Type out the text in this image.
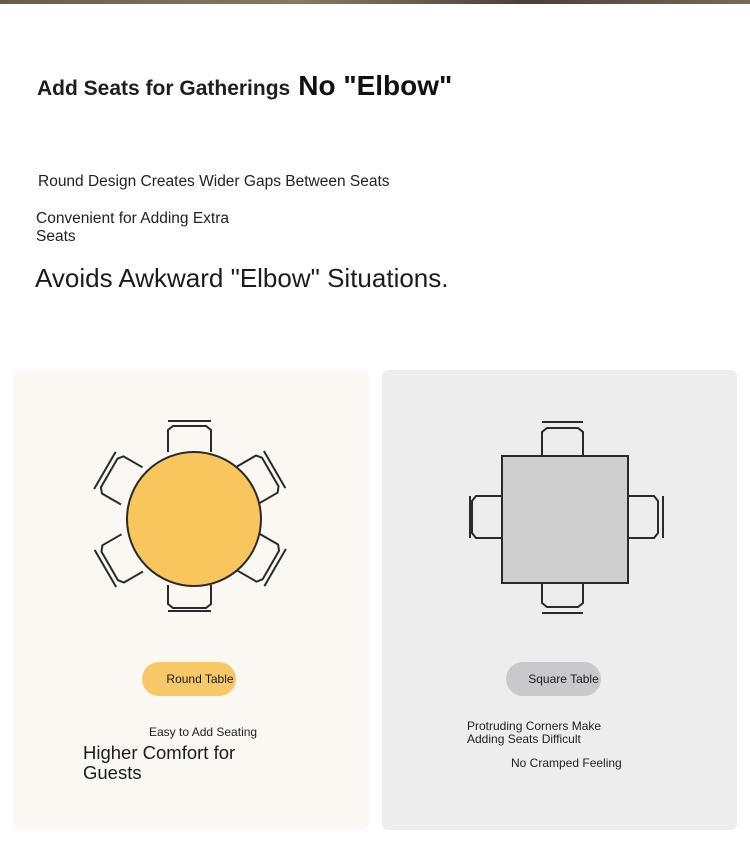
Add Seats for Gatherings No "Elbow"
Round Design Creates Wider Gaps Between Seats
Convenient for Adding Extra Seats
Avoids Awkward "Elbow" Situations.
Round Table	Square Table
Easy to Add Seating
Higher Comfort for Guests
Protruding Corners Make Adding Seats Difficult
No Cramped Feeling
